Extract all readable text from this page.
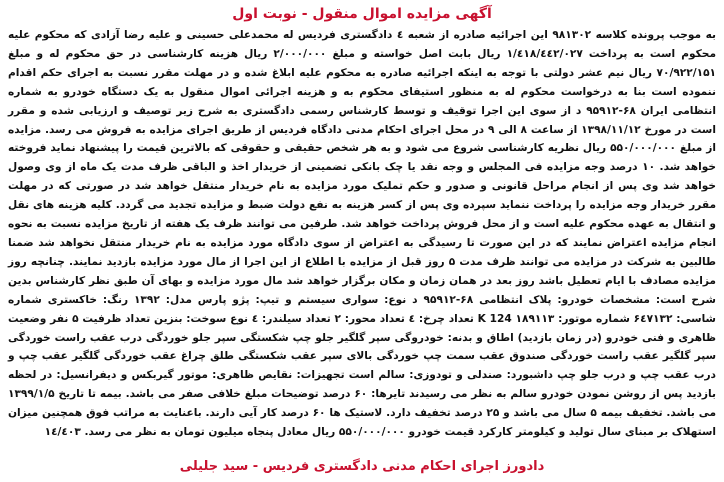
آگهی مزایده اموال منقول - نوبت اول

به موجب پرونده کلاسه ۹۸۱۳۰۲ این اجرائیه صادره از شعبه ٤ دادگستری فردیس له محمدعلی حسینی و علیه رضا آزادی که محکوم علیه محکوم است به پرداخت ۱/٤۱۸/٤٤۲/۰۲۷ ریال بابت اصل خواسته و مبلغ ۲/۰۰۰/۰۰۰ ریال هزینه کارشناسی در حق محکوم له و مبلغ ۷۰/۹۲۲/۱۵۱ ریال نیم عشر دولتی با توجه به اینکه اجرائیه صادره به محکوم علیه ابلاغ شده و در مهلت مقرر نسبت به اجرای حکم اقدام ننموده است بنا به درخواست محکوم له به منظور استیفای محکوم به و هزینه اجرائی اموال منقول به یک دستگاه خودرو به شماره انتظامی ایران ۶۸-۹۵۹۱۲ د از سوی این اجرا توقیف و توسط کارشناس رسمی دادگستری به شرح زیر توصیف و ارزیابی شده و مقرر است در مورخ ۱۳۹۸/۱۱/۱۲ از ساعت ۸ الی ۹ در محل اجرای احکام مدنی دادگاه فردیس از طریق اجرای مزایده به فروش می رسد. مزایده از مبلغ ۵۵۰/۰۰۰/۰۰۰ ریال نظریه کارشناسی شروع می شود و به هر شخص حقیقی و حقوقی که بالاترین قیمت را پیشنهاد نماید فروخته خواهد شد. ۱۰ درصد وجه مزایده فی المجلس و وجه نقد یا چک بانکی تضمینی از خریدار اخذ و الباقی ظرف مدت یک ماه از وی وصول خواهد شد وی پس از انجام مراحل قانونی و صدور و حکم تملیک مورد مزایده به نام خریدار منتقل خواهد شد در صورتی که در مهلت مقرر خریدار وجه مزایده را پرداخت ننماید سپرده وی پس از کسر هزینه به نفع دولت ضبط و مزایده تجدید می گردد. کلیه هزینه های نقل و انتقال به عهده محکوم علیه است و از محل فروش پرداخت خواهد شد. طرفین می توانند ظرف یک هفته از تاریخ مزایده نسبت به نحوه انجام مزایده اعتراض نمایند که در این صورت تا رسیدگی به اعتراض از سوی دادگاه مورد مزایده به نام خریدار منتقل نخواهد شد ضمنا طالبین به شرکت در مزایده می توانند ظرف مدت ۵ روز قبل از مزایده با اطلاع از این اجرا از مال مورد مزایده بازدید نمایند. چنانچه روز مزایده مصادف با ایام تعطیل باشد روز بعد در همان زمان و مکان برگزار خواهد شد مال مورد مزایده و بهای آن طبق نظر کارشناس بدین شرح است: مشخصات خودرو: پلاک انتظامی ۶۸-۹۵۹۱۲ د نوع: سواری سیستم و تیپ: پژو پارس مدل: ۱۳۹۲ رنگ: خاکستری شماره شاسی: ۶٤۷۱۳۲ شماره موتور: ۱۸۹۱۱۳ 124 K تعداد چرخ: ٤ تعداد محور: ۲ تعداد سیلندر: ٤ نوع سوخت: بنزین تعداد ظرفیت ۵ نفر وضعیت ظاهری و فنی خودرو (در زمان بازدید) اطاق و بدنه: خودروگی سپر گلگیر جلو چپ شکستگی سپر جلو خوردگی درب عقب راست خوردگی سپر گلگیر عقب راست خوردگی صندوق عقب سمت چپ خوردگی بالای سپر عقب شکستگی طلق چراغ عقب خوردگی گلگیر عقب چپ و درب عقب چپ و درب جلو چپ داشبورد: صندلی و تودوزی: سالم است تجهیزات: نقایص ظاهری: موتور گیربکس و دیفرانسیل: در لحظه بازدید پس از روشن نمودن خودرو سالم به نظر می رسیدند تایرها: ۶۰ درصد توضیحات مبلغ خلافی صفر می باشد. بیمه تا تاریخ ۱۳۹۹/۱/۵ می باشد. تخفیف بیمه ۵ سال می باشد و ۲۵ درصد تخفیف دارد. لاستیک ها ۶۰ درصد کار آیی دارند. باعنایت به مراتب فوق همچنین میزان استهلاک بر مبنای سال تولید و کیلومتر کارکرد قیمت خودرو ۵۵۰/۰۰۰/۰۰۰ ریال معادل پنجاه میلیون تومان به نظر می رسد. ۱٤/٤۰۳

دادورز اجرای احکام مدنی دادگستری فردیس - سید جلیلی
